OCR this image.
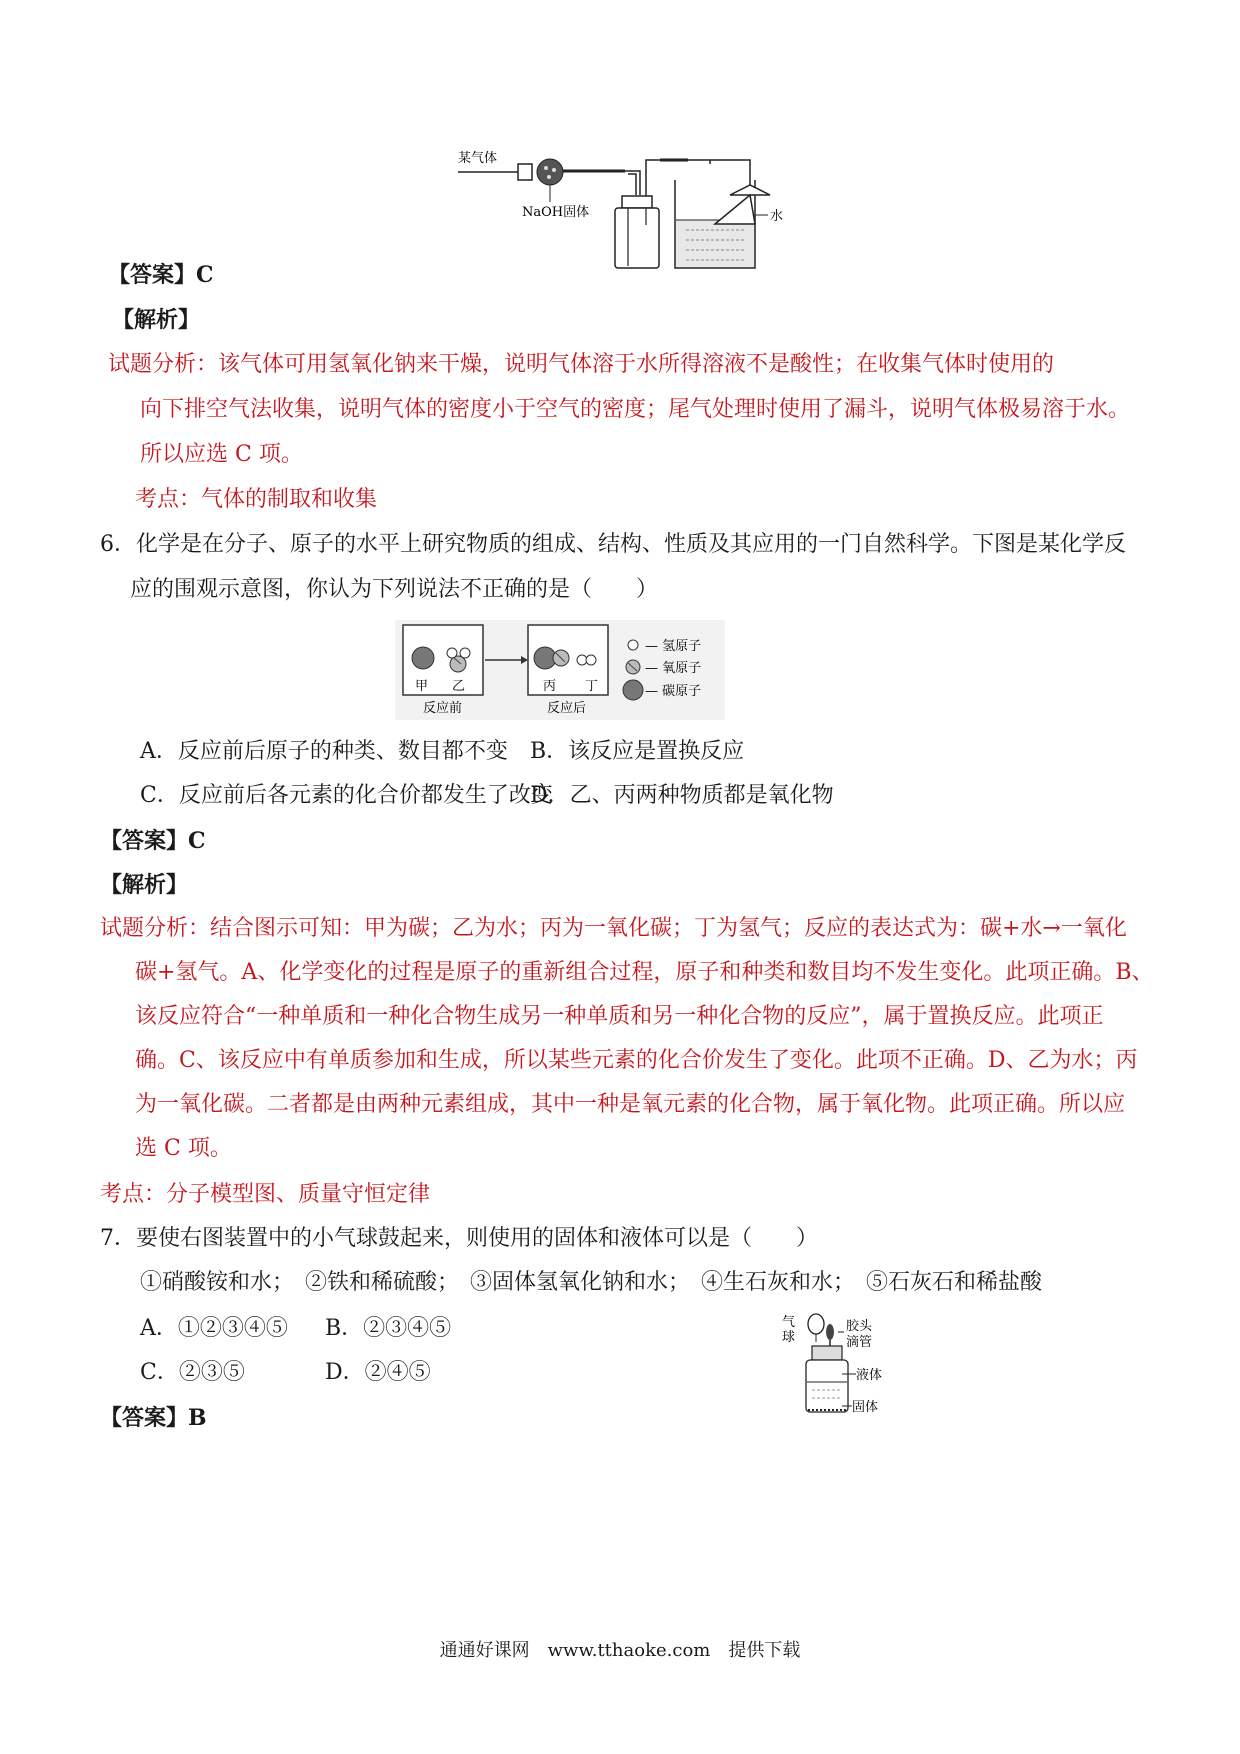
某气体
NaOH固体	水
【答案】C
【解析】
试题分析：该气体可用氢氧化钠来干燥，说明气体溶于水所得溶液不是酸性；在收集气体时使用的
向下排空气法收集，说明气体的密度小于空气的密度；尾气处理时使用了漏斗，说明气体极易溶于水。
所以应选 C 项。
考点：气体的制取和收集
6．化学是在分子、原子的水平上研究物质的组成、结构、性质及其应用的一门自然科学。下图是某化学反
应的围观示意图，你认为下列说法不正确的是（　　）
甲 乙
反应前
丙 丁
反应后
— 氢原子
— 氧原子
— 碳原子
A．反应前后原子的种类、数目都不变 B．该反应是置换反应
C．反应前后各元素的化合价都发生了改变
D．乙、丙两种物质都是氧化物
【答案】C
【解析】
试题分析：结合图示可知：甲为碳；乙为水；丙为一氧化碳；丁为氢气；反应的表达式为：碳+水→一氧化
碳+氢气。A、化学变化的过程是原子的重新组合过程，原子和种类和数目均不发生变化。此项正确。B、
该反应符合“一种单质和一种化合物生成另一种单质和另一种化合物的反应”，属于置换反应。此项正
确。C、该反应中有单质参加和生成，所以某些元素的化合价发生了变化。此项不正确。D、乙为水；丙
为一氧化碳。二者都是由两种元素组成，其中一种是氧元素的化合物，属于氧化物。此项正确。所以应
选 C 项。
考点：分子模型图、质量守恒定律
7．要使右图装置中的小气球鼓起来，则使用的固体和液体可以是（　　）
①硝酸铵和水；　②铁和稀硫酸；　③固体氢氧化钠和水；　④生石灰和水；　⑤石灰石和稀盐酸
A．①②③④⑤ B．②③④⑤
C．②③⑤	D．②④⑤
【答案】B
气
球
胶头
滴管
液体
固体
通通好课网　www.tthaoke.com　提供下载
